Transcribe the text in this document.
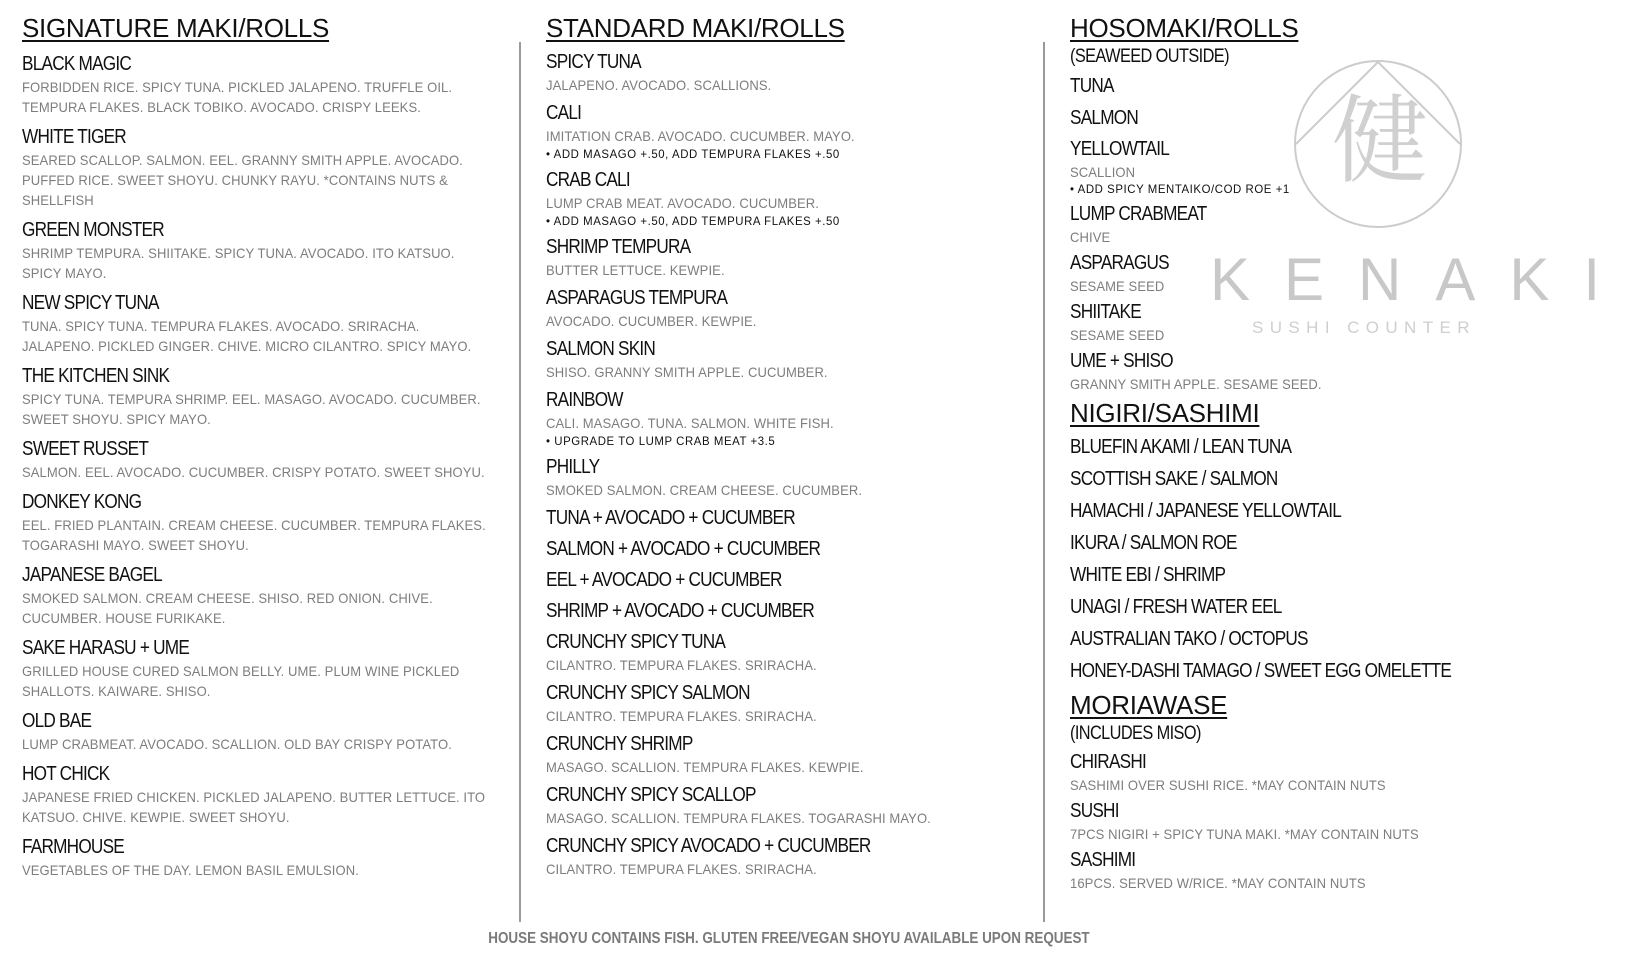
SIGNATURE MAKI/ROLLS
BLACK MAGIC
FORBIDDEN RICE. SPICY TUNA. PICKLED JALAPENO. TRUFFLE OIL. TEMPURA FLAKES. BLACK TOBIKO. AVOCADO. CRISPY LEEKS.
WHITE TIGER
SEARED SCALLOP. SALMON. EEL. GRANNY SMITH APPLE. AVOCADO. PUFFED RICE. SWEET SHOYU. CHUNKY RAYU. *CONTAINS NUTS & SHELLFISH
GREEN MONSTER
SHRIMP TEMPURA. SHIITAKE. SPICY TUNA. AVOCADO. ITO KATSUO. SPICY MAYO.
NEW SPICY TUNA
TUNA. SPICY TUNA. TEMPURA FLAKES. AVOCADO. SRIRACHA. JALAPENO. PICKLED GINGER. CHIVE. MICRO CILANTRO. SPICY MAYO.
THE KITCHEN SINK
SPICY TUNA. TEMPURA SHRIMP. EEL. MASAGO. AVOCADO. CUCUMBER. SWEET SHOYU. SPICY MAYO.
SWEET RUSSET
SALMON. EEL. AVOCADO. CUCUMBER. CRISPY POTATO. SWEET SHOYU.
DONKEY KONG
EEL. FRIED PLANTAIN. CREAM CHEESE. CUCUMBER. TEMPURA FLAKES. TOGARASHI MAYO. SWEET SHOYU.
JAPANESE BAGEL
SMOKED SALMON. CREAM CHEESE. SHISO. RED ONION. CHIVE. CUCUMBER. HOUSE FURIKAKE.
SAKE HARASU + UME
GRILLED HOUSE CURED SALMON BELLY. UME. PLUM WINE PICKLED SHALLOTS. KAIWARE. SHISO.
OLD BAE
LUMP CRABMEAT. AVOCADO. SCALLION. OLD BAY CRISPY POTATO.
HOT CHICK
JAPANESE FRIED CHICKEN. PICKLED JALAPENO. BUTTER LETTUCE. ITO KATSUO. CHIVE. KEWPIE. SWEET SHOYU.
FARMHOUSE
VEGETABLES OF THE DAY. LEMON BASIL EMULSION.
STANDARD MAKI/ROLLS
SPICY TUNA
JALAPENO. AVOCADO. SCALLIONS.
CALI
IMITATION CRAB. AVOCADO. CUCUMBER. MAYO.
• ADD MASAGO +.50, ADD TEMPURA FLAKES +.50
CRAB CALI
LUMP CRAB MEAT. AVOCADO. CUCUMBER.
• ADD MASAGO +.50, ADD TEMPURA FLAKES +.50
SHRIMP TEMPURA
BUTTER LETTUCE. KEWPIE.
ASPARAGUS TEMPURA
AVOCADO. CUCUMBER. KEWPIE.
SALMON SKIN
SHISO. GRANNY SMITH APPLE. CUCUMBER.
RAINBOW
CALI. MASAGO. TUNA. SALMON. WHITE FISH.
• UPGRADE TO LUMP CRAB MEAT +3.5
PHILLY
SMOKED SALMON. CREAM CHEESE. CUCUMBER.
TUNA + AVOCADO + CUCUMBER
SALMON + AVOCADO + CUCUMBER
EEL + AVOCADO + CUCUMBER
SHRIMP + AVOCADO + CUCUMBER
CRUNCHY SPICY TUNA
CILANTRO. TEMPURA FLAKES. SRIRACHA.
CRUNCHY SPICY SALMON
CILANTRO. TEMPURA FLAKES. SRIRACHA.
CRUNCHY SHRIMP
MASAGO. SCALLION. TEMPURA FLAKES. KEWPIE.
CRUNCHY SPICY SCALLOP
MASAGO. SCALLION. TEMPURA FLAKES. TOGARASHI MAYO.
CRUNCHY SPICY AVOCADO + CUCUMBER
CILANTRO. TEMPURA FLAKES. SRIRACHA.
HOSOMAKI/ROLLS
(SEAWEED OUTSIDE)
TUNA
SALMON
YELLOWTAIL
SCALLION
• ADD SPICY MENTAIKO/COD ROE +1
LUMP CRABMEAT
CHIVE
ASPARAGUS
SESAME SEED
SHIITAKE
SESAME SEED
UME + SHISO
GRANNY SMITH APPLE. SESAME SEED.
NIGIRI/SASHIMI
BLUEFIN AKAMI / LEAN TUNA
SCOTTISH SAKE / SALMON
HAMACHI / JAPANESE YELLOWTAIL
IKURA / SALMON ROE
WHITE EBI / SHRIMP
UNAGI / FRESH WATER EEL
AUSTRALIAN TAKO / OCTOPUS
HONEY-DASHI TAMAGO / SWEET EGG OMELETTE
MORIAWASE
(INCLUDES MISO)
CHIRASHI
SASHIMI OVER SUSHI RICE. *MAY CONTAIN NUTS
SUSHI
7PCS NIGIRI + SPICY TUNA MAKI. *MAY CONTAIN NUTS
SASHIMI
16PCS. SERVED W/RICE. *MAY CONTAIN NUTS
健
KENAKI
SUSHI COUNTER
HOUSE SHOYU CONTAINS FISH. GLUTEN FREE/VEGAN SHOYU AVAILABLE UPON REQUEST
